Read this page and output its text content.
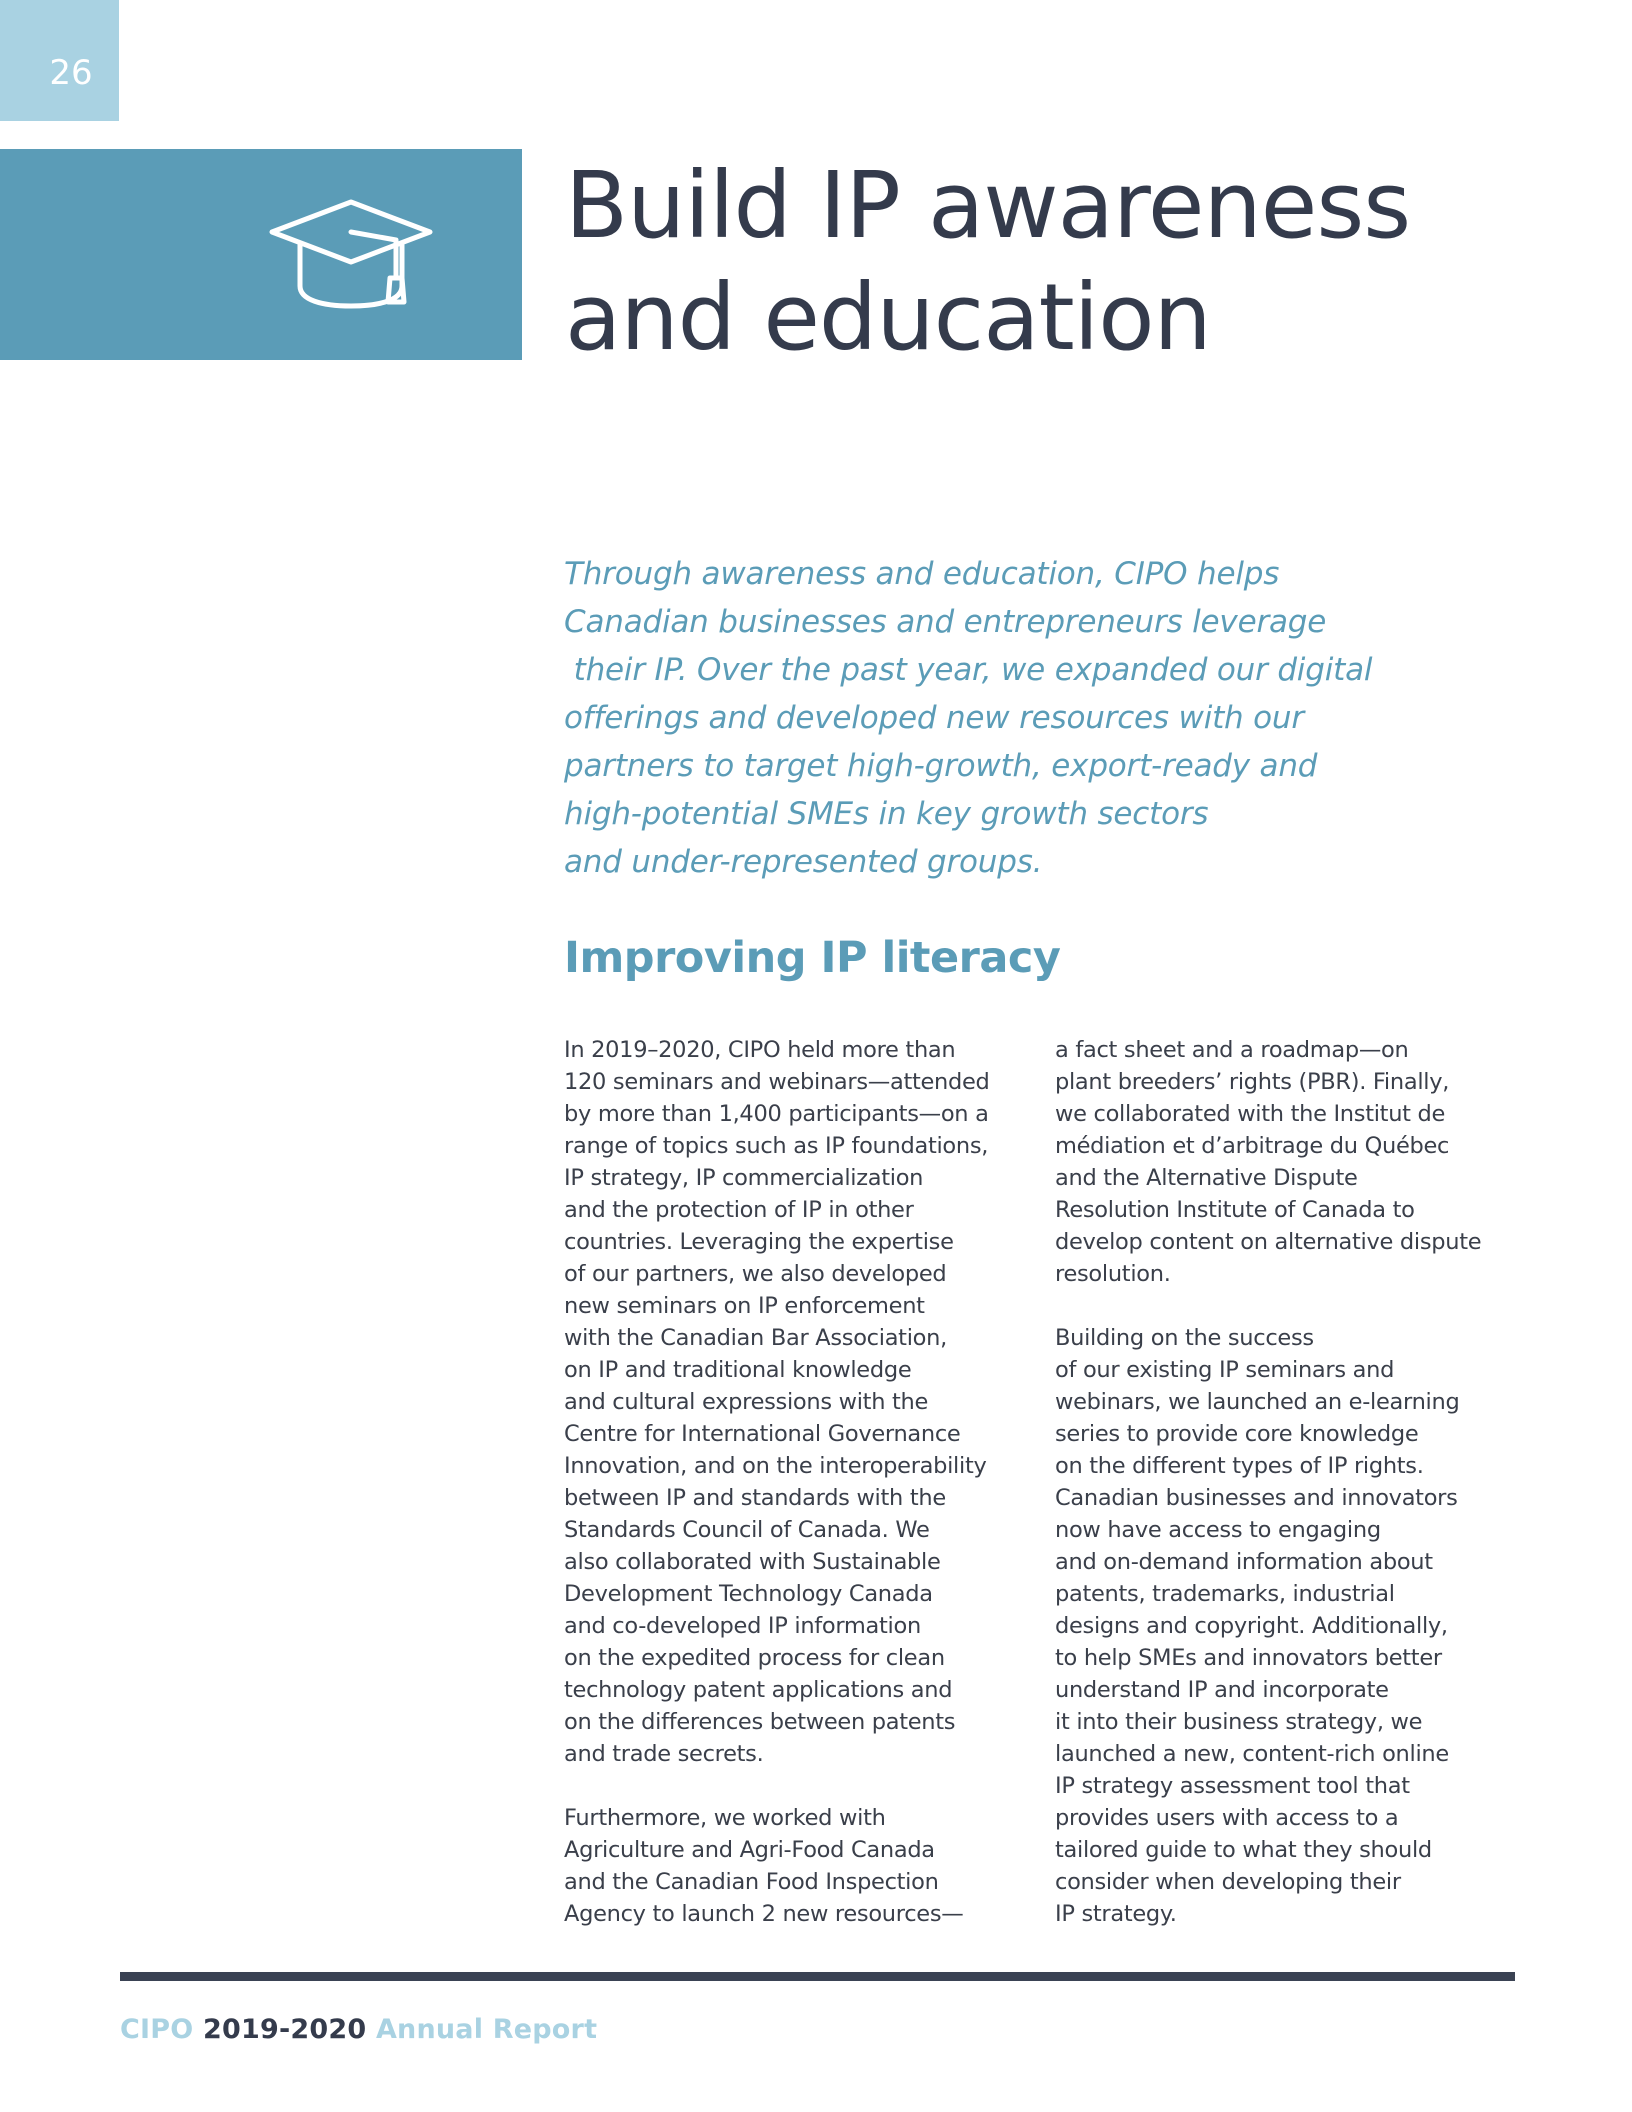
26
Build IP awareness
and education

Through awareness and education, CIPO helps
Canadian businesses and entrepreneurs leverage
their IP. Over the past year, we expanded our digital
offerings and developed new resources with our
partners to target high-growth, export-ready and
high-potential SMEs in key growth sectors
and under-represented groups.

Improving IP literacy
In 2019–2020, CIPO held more than
120 seminars and webinars—attended
by more than 1,400 participants—on a
range of topics such as IP foundations,
IP strategy, IP commercialization
and the protection of IP in other
countries. Leveraging the expertise
of our partners, we also developed
new seminars on IP enforcement
with the Canadian Bar Association,
on IP and traditional knowledge
and cultural expressions with the
Centre for International Governance
Innovation, and on the interoperability
between IP and standards with the
Standards Council of Canada. We
also collaborated with Sustainable
Development Technology Canada
and co-developed IP information
on the expedited process for clean
technology patent applications and
on the differences between patents
and trade secrets.
Furthermore, we worked with
Agriculture and Agri-Food Canada
and the Canadian Food Inspection
Agency to launch 2 new resources—
a fact sheet and a roadmap—on
plant breeders’ rights (PBR). Finally,
we collaborated with the Institut de
médiation et d’arbitrage du Québec
and the Alternative Dispute
Resolution Institute of Canada to
develop content on alternative dispute
resolution.
Building on the success
of our existing IP seminars and
webinars, we launched an e-learning
series to provide core knowledge
on the different types of IP rights.
Canadian businesses and innovators
now have access to engaging
and on-demand information about
patents, trademarks, industrial
designs and copyright. Additionally,
to help SMEs and innovators better
understand IP and incorporate
it into their business strategy, we
launched a new, content-rich online
IP strategy assessment tool that
provides users with access to a
tailored guide to what they should
consider when developing their
IP strategy.
CIPO 2019-2020 Annual Report
